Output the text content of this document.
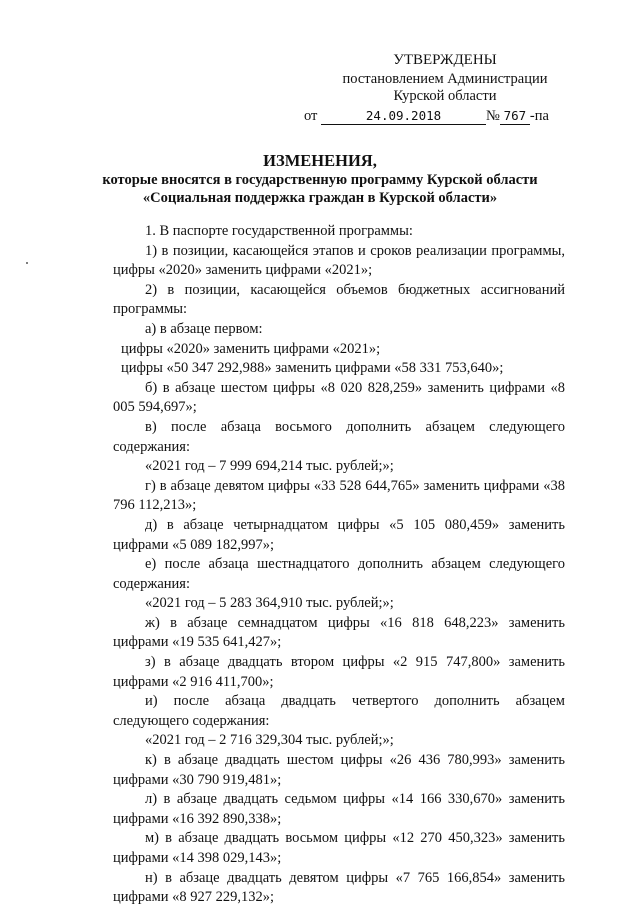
УТВЕРЖДЕНЫ
постановлением Администрации
Курской области
от	24.09.2018	№ 767 -па
ИЗМЕНЕНИЯ,
которые вносятся в государственную программу Курской области
«Социальная поддержка граждан в Курской области»

1. В паспорте государственной программы:

1) в позиции, касающейся этапов и сроков реализации программы, цифры «2020» заменить цифрами «2021»;

2) в позиции, касающейся объемов бюджетных ассигнований программы:

а) в абзаце первом:

цифры «2020» заменить цифрами «2021»;

цифры «50 347 292,988» заменить цифрами «58 331 753,640»;

б) в абзаце шестом цифры «8 020 828,259» заменить цифрами «8 005 594,697»;

в) после абзаца восьмого дополнить абзацем следующего содержания:

«2021 год – 7 999 694,214 тыс. рублей;»;

г) в абзаце девятом цифры «33 528 644,765» заменить цифрами «38 796 112,213»;

д) в абзаце четырнадцатом цифры «5 105 080,459» заменить цифрами «5 089 182,997»;

е) после абзаца шестнадцатого дополнить абзацем следующего содержания:

«2021 год – 5 283 364,910 тыс. рублей;»;

ж) в абзаце семнадцатом цифры «16 818 648,223» заменить цифрами «19 535 641,427»;

з) в абзаце двадцать втором цифры «2 915 747,800» заменить цифрами «2 916 411,700»;

и) после абзаца двадцать четвертого дополнить абзацем следующего содержания:

«2021 год – 2 716 329,304 тыс. рублей;»;

к) в абзаце двадцать шестом цифры «26 436 780,993» заменить цифрами «30 790 919,481»;

л) в абзаце двадцать седьмом цифры «14 166 330,670» заменить цифрами «16 392 890,338»;

м) в абзаце двадцать восьмом цифры «12 270 450,323» заменить цифрами «14 398 029,143»;

н) в абзаце двадцать девятом цифры «7 765 166,854» заменить цифрами «8 927 229,132»;
